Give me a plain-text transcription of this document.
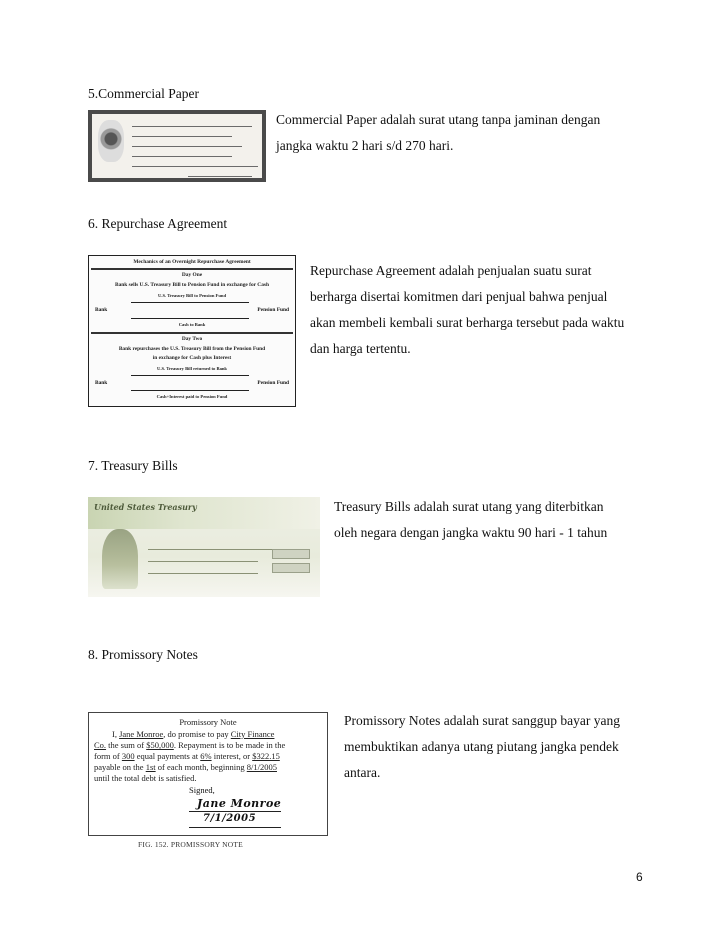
5.Commercial Paper
Commercial Paper adalah surat utang tanpa jaminan dengan
jangka waktu 2 hari s/d 270 hari.
6. Repurchase Agreement
Mechanics of an Overnight Repurchase Agreement
Day One
Bank sells U.S. Treasury Bill to Pension Fund in exchange for Cash
U.S. Treasury Bill to Pension Fund
Bank	Pension Fund
Cash to Bank
Day Two
Bank repurchases the U.S. Treasury Bill from the Pension Fund
in exchange for Cash plus Interest
U.S. Treasury Bill returned to Bank
Bank	Pension Fund
Cash+Interest paid to Pension Fund
Repurchase Agreement adalah penjualan suatu surat
berharga disertai komitmen dari penjual bahwa penjual
akan membeli kembali surat berharga tersebut pada waktu
dan harga tertentu.
7. Treasury Bills
United States Treasury	Treasury Bills adalah surat utang yang diterbitkan
oleh negara dengan jangka waktu 90 hari - 1 tahun
8. Promissory Notes
Promissory Note
I, Jane Monroe, do promise to pay City Finance
Co. the sum of $50,000. Repayment is to be made in the
form of 300 equal payments at 6% interest, or $322.15
payable on the 1st of each month, beginning 8/1/2005
until the total debt is satisfied.
Signed,
Jane Monroe
7/1/2005
FIG. 152. PROMISSORY NOTE
Promissory Notes adalah surat sanggup bayar yang
membuktikan adanya utang piutang jangka pendek
antara.
6
